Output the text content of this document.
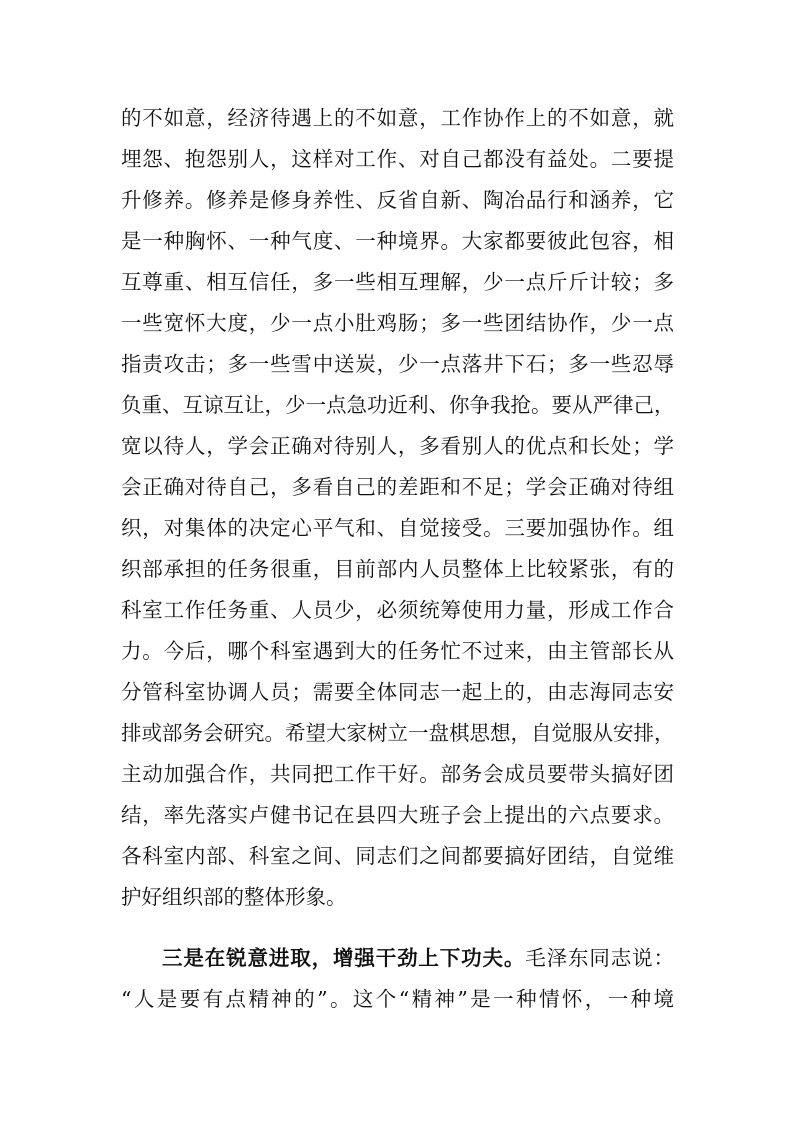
的不如意，经济待遇上的不如意，工作协作上的不如意，就
埋怨、抱怨别人，这样对工作、对自己都没有益处。二要提
升修养。修养是修身养性、反省自新、陶冶品行和涵养，它
是一种胸怀、一种气度、一种境界。大家都要彼此包容，相
互尊重、相互信任，多一些相互理解，少一点斤斤计较；多
一些宽怀大度，少一点小肚鸡肠；多一些团结协作，少一点
指责攻击；多一些雪中送炭，少一点落井下石；多一些忍辱
负重、互谅互让，少一点急功近利、你争我抢。要从严律己，
宽以待人，学会正确对待别人，多看别人的优点和长处；学
会正确对待自己，多看自己的差距和不足；学会正确对待组
织，对集体的决定心平气和、自觉接受。三要加强协作。组
织部承担的任务很重，目前部内人员整体上比较紧张，有的
科室工作任务重、人员少，必须统筹使用力量，形成工作合
力。今后，哪个科室遇到大的任务忙不过来，由主管部长从
分管科室协调人员；需要全体同志一起上的，由志海同志安
排或部务会研究。希望大家树立一盘棋思想，自觉服从安排，
主动加强合作，共同把工作干好。部务会成员要带头搞好团
结，率先落实卢健书记在县四大班子会上提出的六点要求。
各科室内部、科室之间、同志们之间都要搞好团结，自觉维
护好组织部的整体形象。
三是在锐意进取，增强干劲上下功夫。毛泽东同志说：
“人是要有点精神的”。这个“精神”是一种情怀，一种境
